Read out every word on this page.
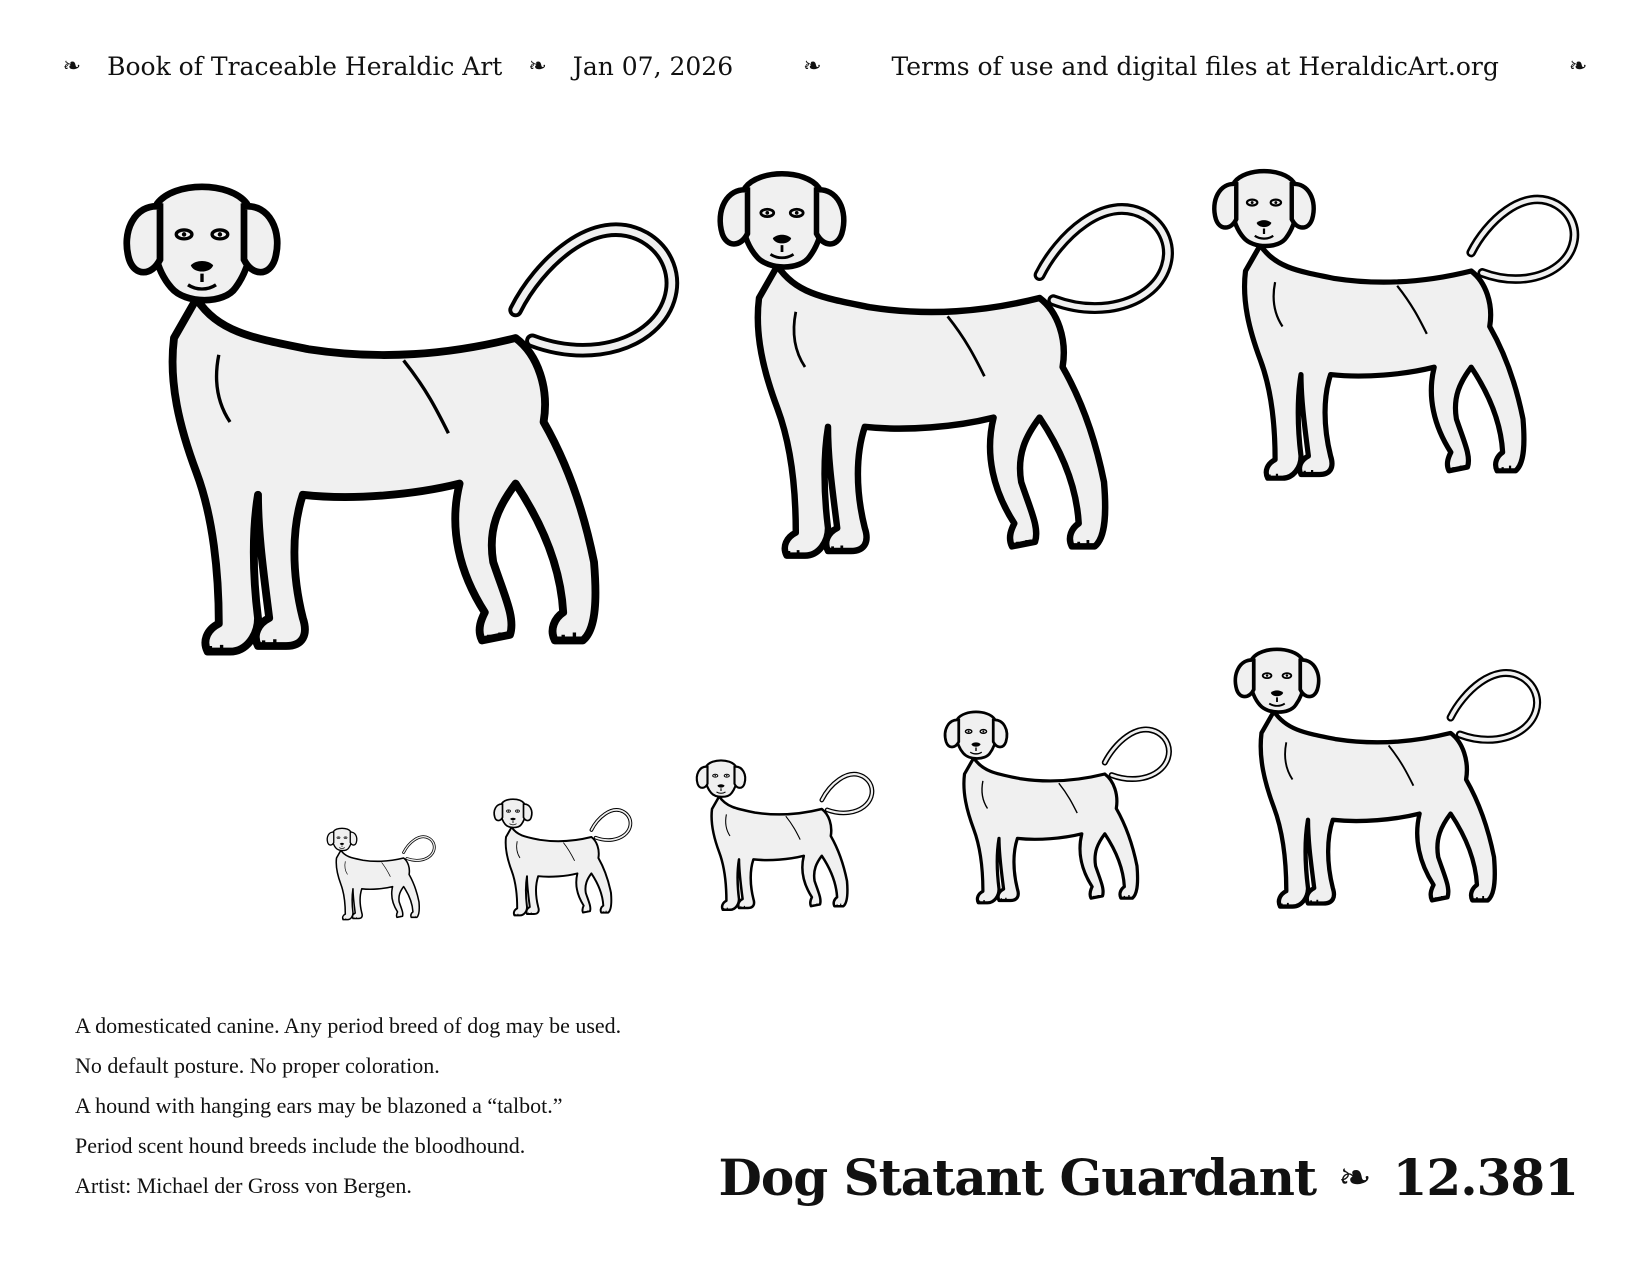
❧ Book of Traceable Heraldic Art ❧ Jan 07, 2026	❧	Terms of use and digital files at HeraldicArt.org	❧

A domesticated canine. Any period breed of dog may be used.

No default posture. No proper coloration.

A hound with hanging ears may be blazoned a “talbot.”

Period scent hound breeds include the bloodhound.

Artist: Michael der Gross von Bergen.	Dog Statant Guardant ❧ 12.381
